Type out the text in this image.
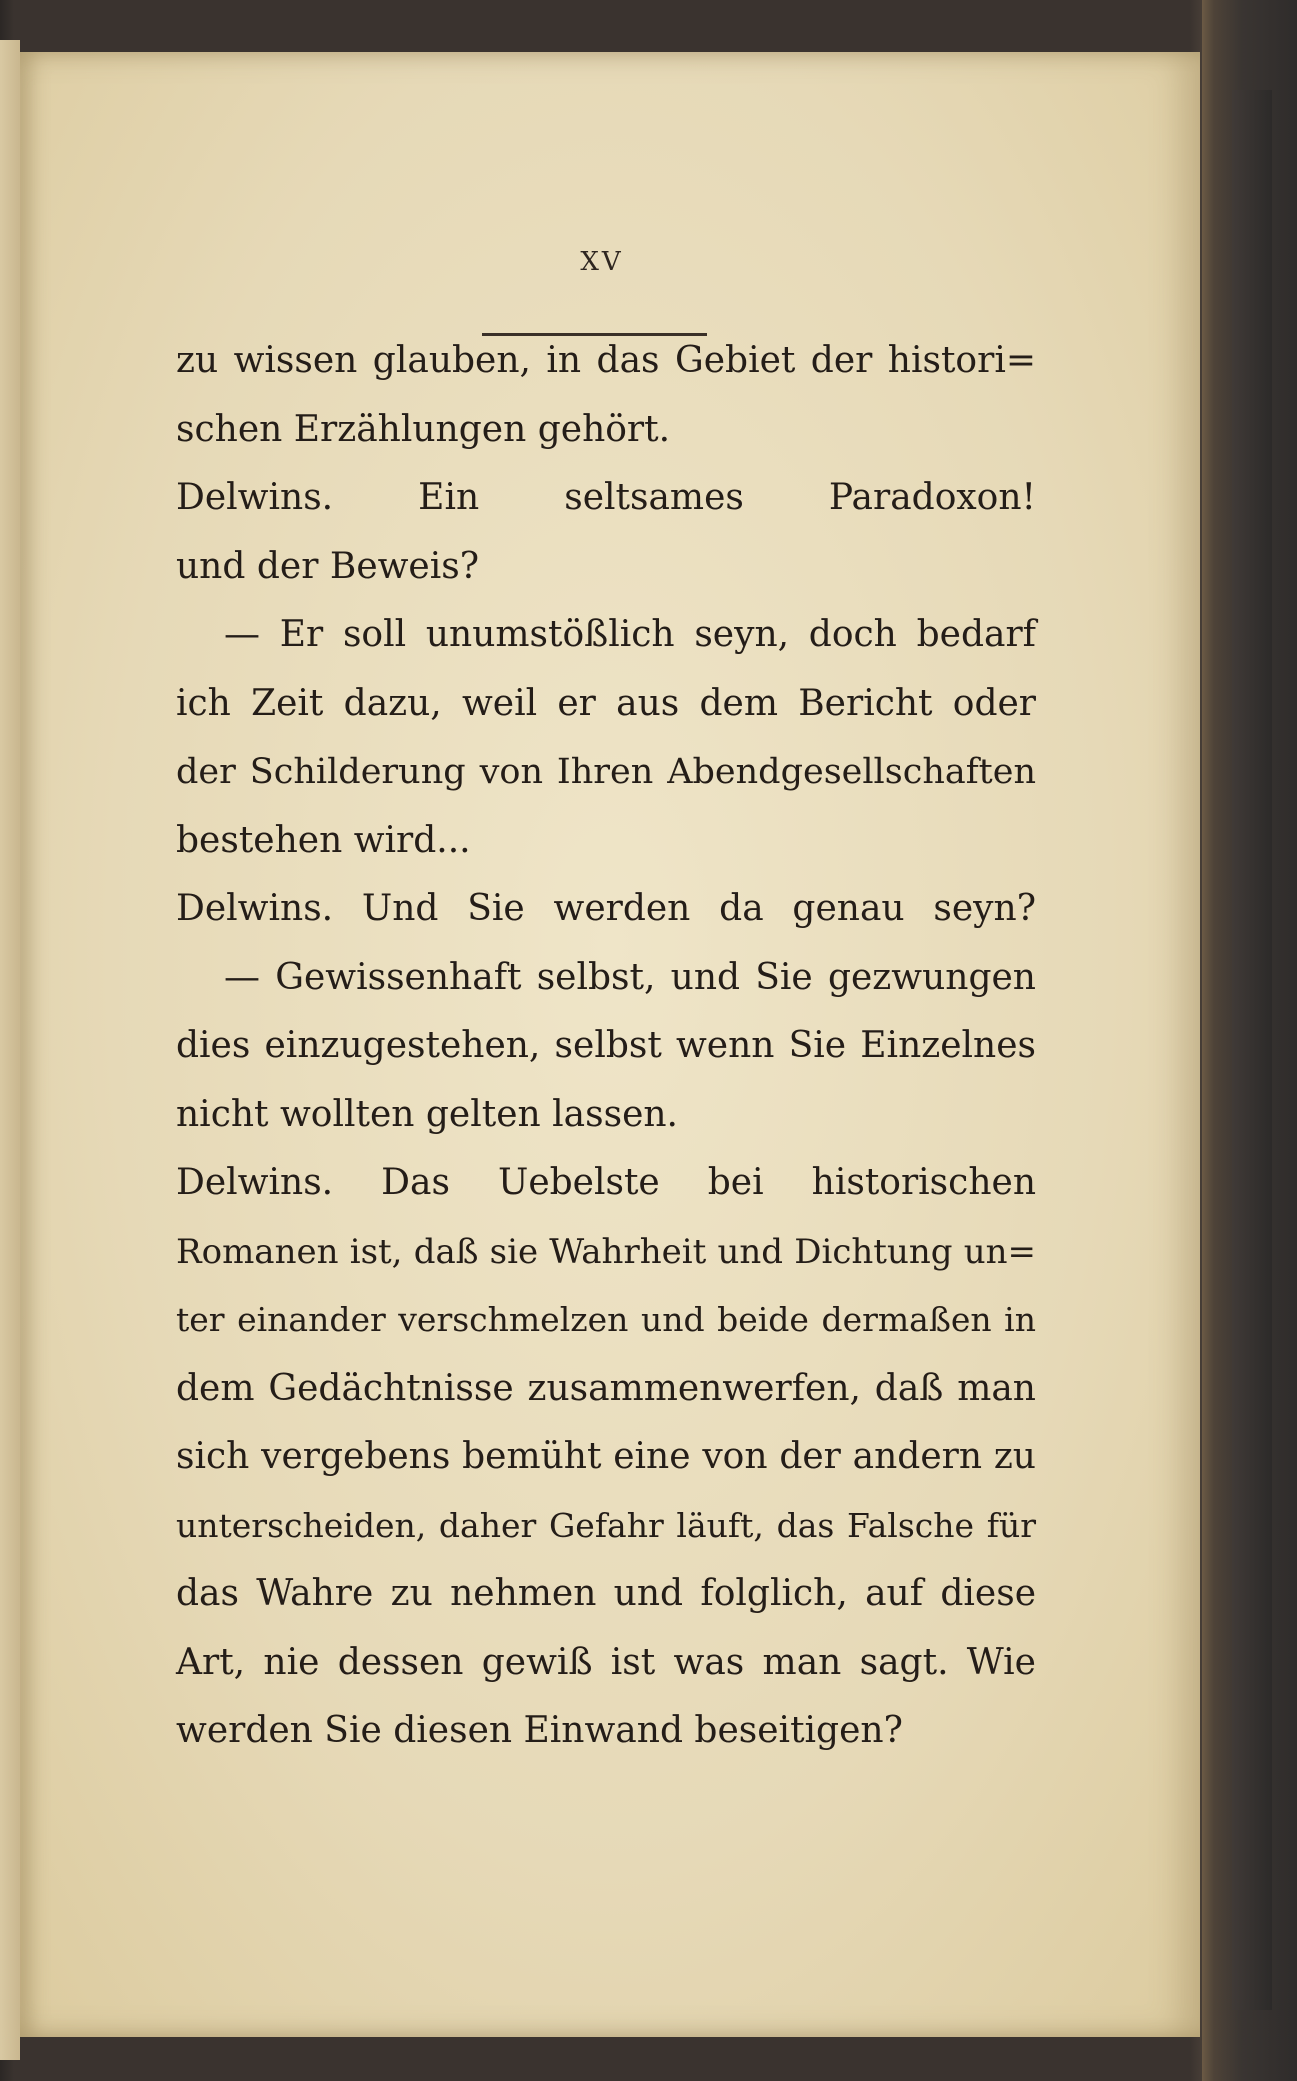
XV
zu wissen glauben, in das Gebiet der histori=
schen Erzählungen gehört.
Delwins. Ein seltsames Paradoxon!
und der Beweis?
— Er soll unumstößlich seyn, doch bedarf
ich Zeit dazu, weil er aus dem Bericht oder
der Schilderung von Ihren Abendgesellschaften
bestehen wird...
Delwins. Und Sie werden da genau seyn?
— Gewissenhaft selbst, und Sie gezwungen
dies einzugestehen, selbst wenn Sie Einzelnes
nicht wollten gelten lassen.
Delwins. Das Uebelste bei historischen
Romanen ist, daß sie Wahrheit und Dichtung un=
ter einander verschmelzen und beide dermaßen in
dem Gedächtnisse zusammenwerfen, daß man
sich vergebens bemüht eine von der andern zu
unterscheiden, daher Gefahr läuft, das Falsche für
das Wahre zu nehmen und folglich, auf diese
Art, nie dessen gewiß ist was man sagt. Wie
werden Sie diesen Einwand beseitigen?
